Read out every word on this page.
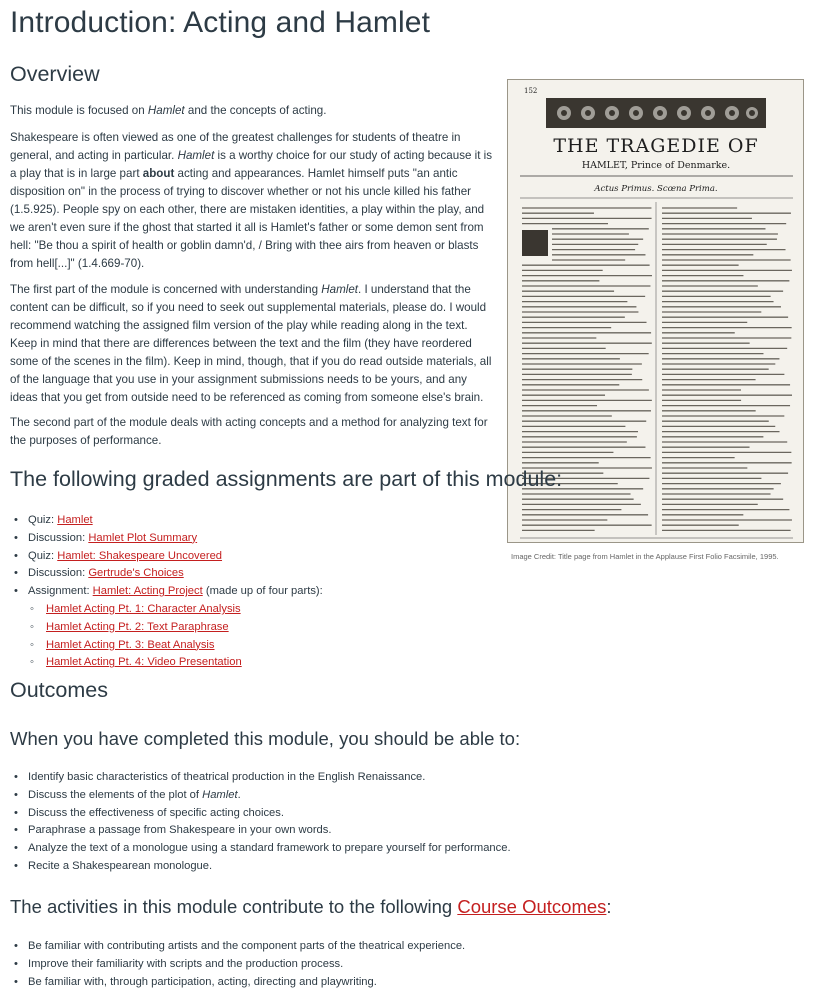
Introduction: Acting and Hamlet
Overview

This module is focused on Hamlet and the concepts of acting.

Shakespeare is often viewed as one of the greatest challenges for students of theatre in general, and acting in particular. Hamlet is a worthy choice for our study of acting because it is a play that is in large part about acting and appearances. Hamlet himself puts "an antic disposition on" in the process of trying to discover whether or not his uncle killed his father (1.5.925). People spy on each other, there are mistaken identities, a play within the play, and we aren't even sure if the ghost that started it all is Hamlet's father or some demon sent from hell: "Be thou a spirit of health or goblin damn'd, / Bring with thee airs from heaven or blasts from hell[...]" (1.4.669-70).

The first part of the module is concerned with understanding Hamlet. I understand that the content can be difficult, so if you need to seek out supplemental materials, please do. I would recommend watching the assigned film version of the play while reading along in the text. Keep in mind that there are differences between the text and the film (they have reordered some of the scenes in the film). Keep in mind, though, that if you do read outside materials, all of the language that you use in your assignment submissions needs to be yours, and any ideas that you get from outside need to be referenced as coming from someone else's brain.

The second part of the module deals with acting concepts and a method for analyzing text for the purposes of performance.

152
THE TRAGEDIE OF
HAMLET, Prince of Denmarke.
Actus Primus. Scœna Prima.
Image Credit: Title page from Hamlet in the Applause First Folio Facsimile, 1995.
The following graded assignments are part of this module:
• Quiz: Hamlet
• Discussion: Hamlet Plot Summary
• Quiz: Hamlet: Shakespeare Uncovered
• Discussion: Gertrude's Choices
• Assignment: Hamlet: Acting Project (made up of four parts):
◦ Hamlet Acting Pt. 1: Character Analysis
◦ Hamlet Acting Pt. 2: Text Paraphrase
◦ Hamlet Acting Pt. 3: Beat Analysis
◦ Hamlet Acting Pt. 4: Video Presentation
Outcomes
When you have completed this module, you should be able to:
• Identify basic characteristics of theatrical production in the English Renaissance.
• Discuss the elements of the plot of Hamlet.
• Discuss the effectiveness of specific acting choices.
• Paraphrase a passage from Shakespeare in your own words.
• Analyze the text of a monologue using a standard framework to prepare yourself for performance.
• Recite a Shakespearean monologue.
The activities in this module contribute to the following Course Outcomes:
• Be familiar with contributing artists and the component parts of the theatrical experience.
• Improve their familiarity with scripts and the production process.
• Be familiar with, through participation, acting, directing and playwriting.
